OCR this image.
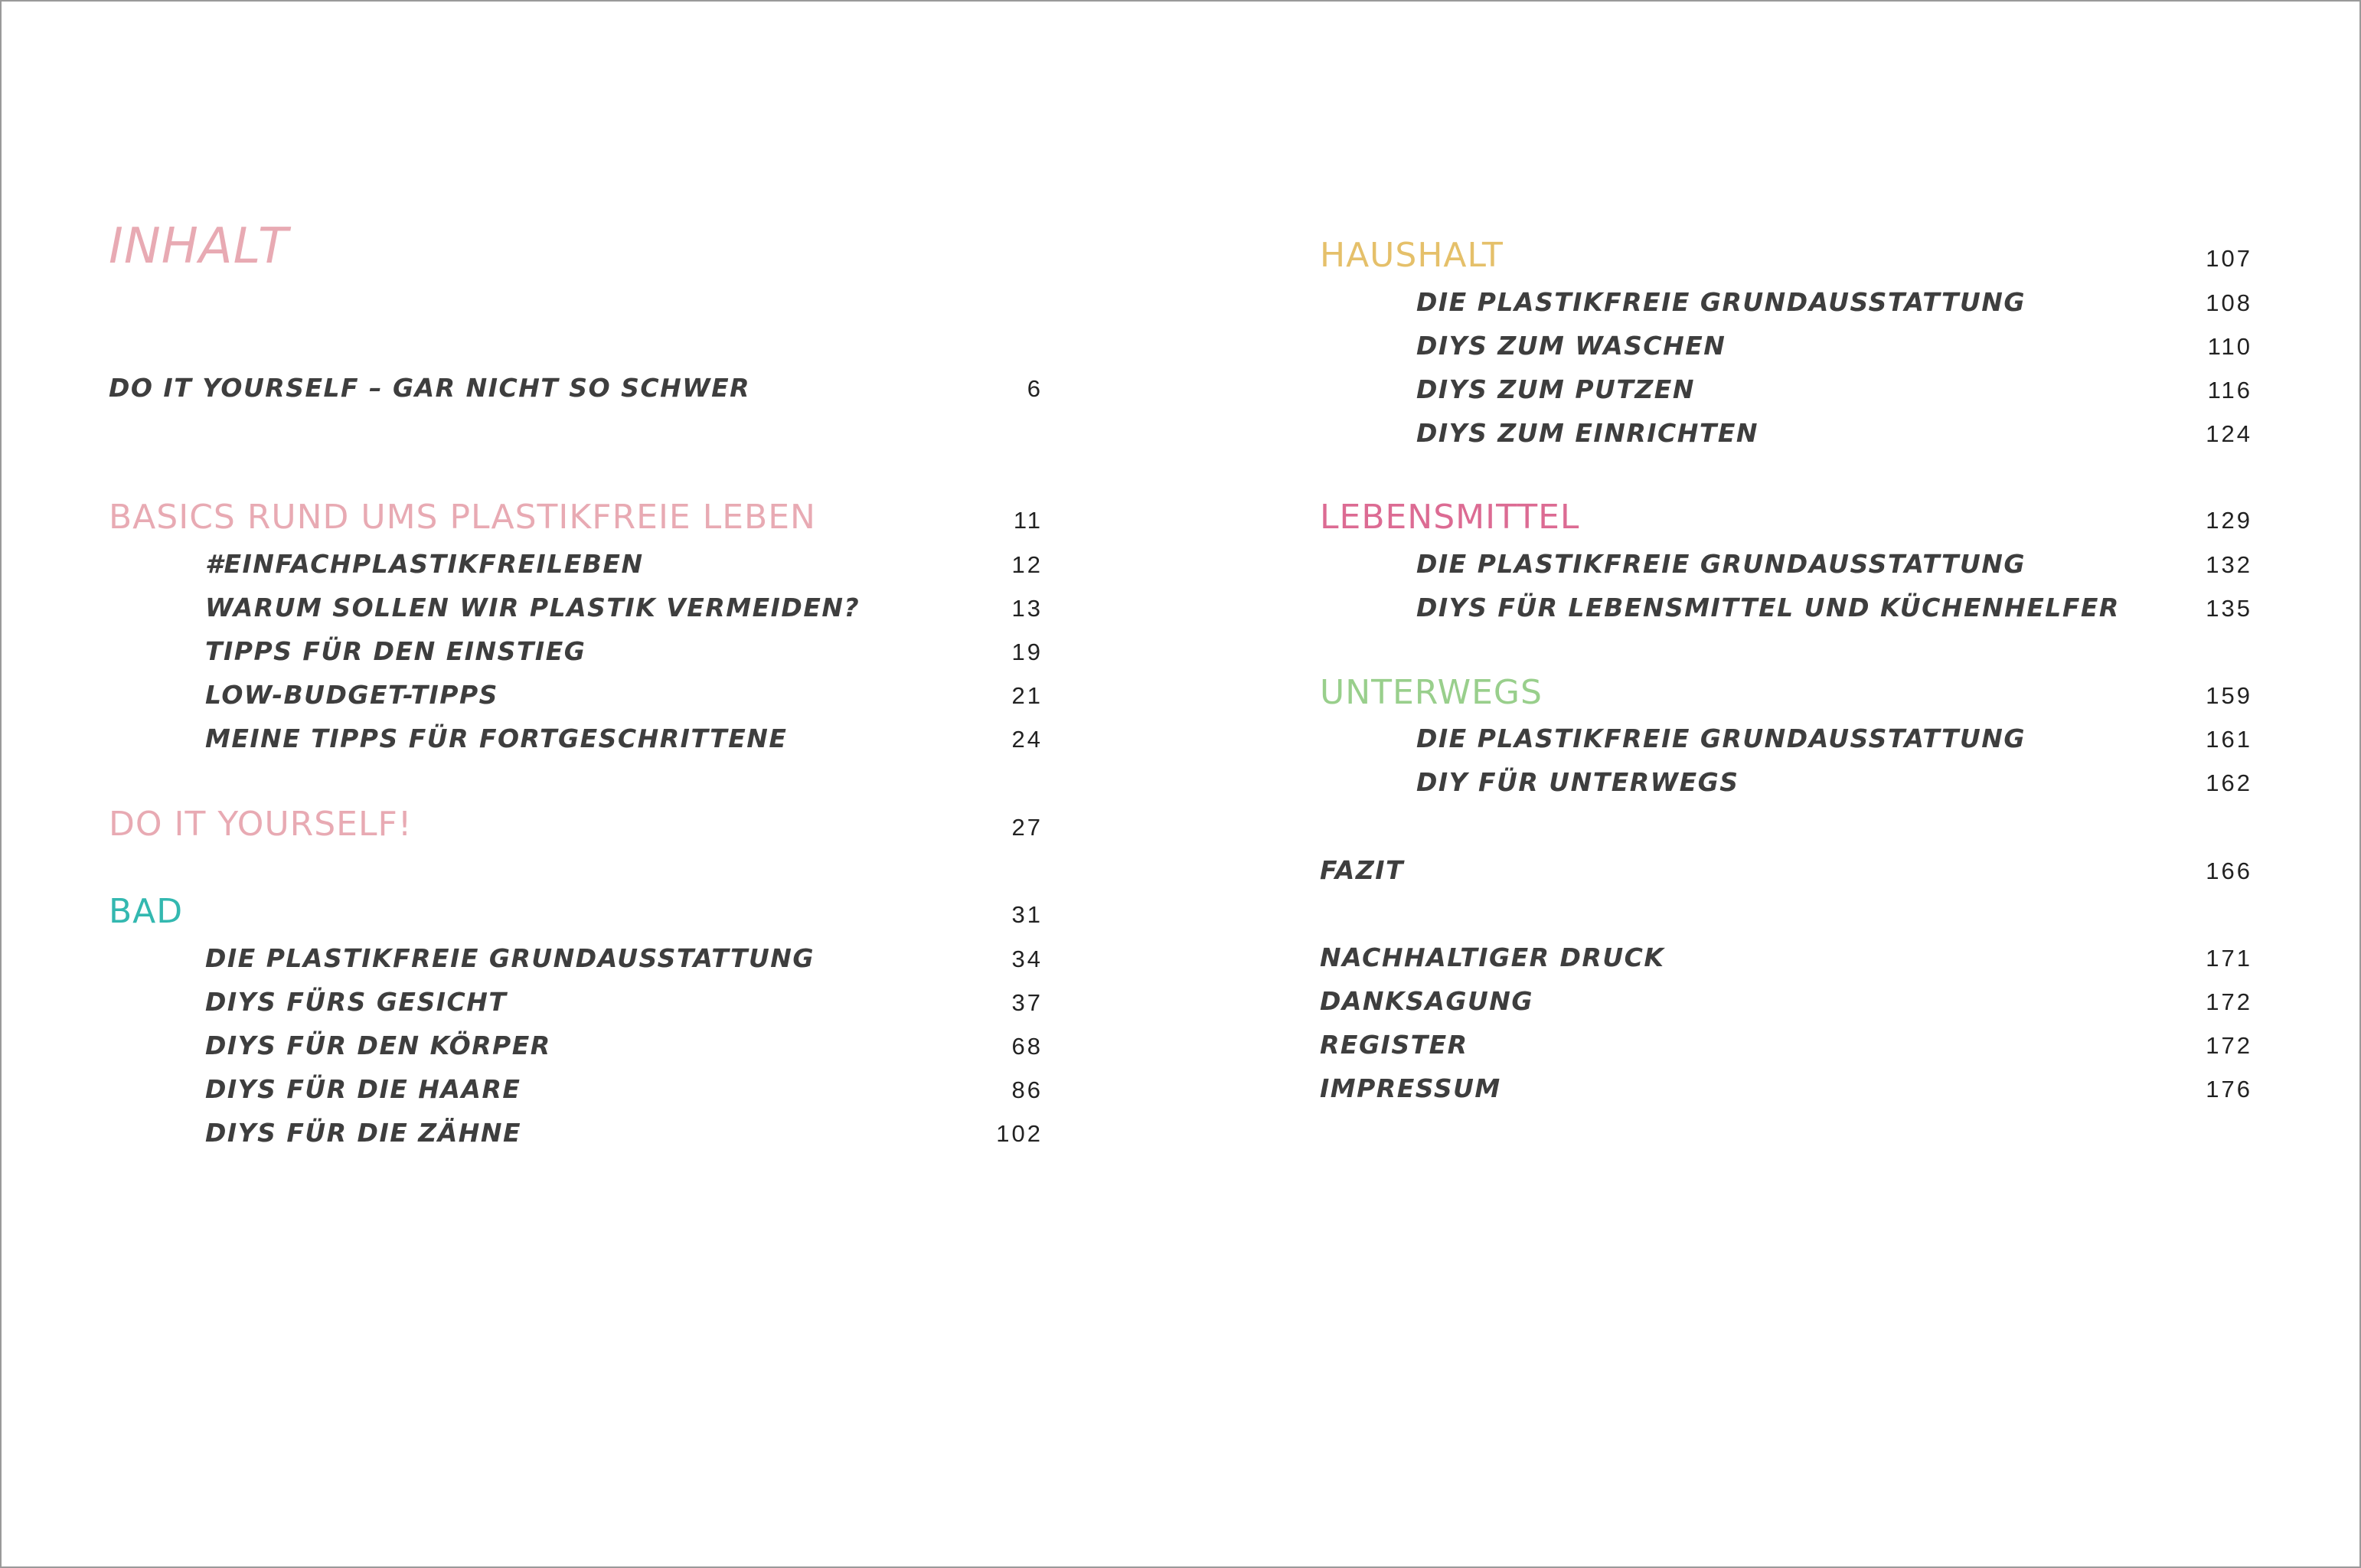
INHALT
DO IT YOURSELF – GAR NICHT SO SCHWER	6
BASICS RUND UMS PLASTIKFREIE LEBEN	11
#EINFACHPLASTIKFREILEBEN	12
WARUM SOLLEN WIR PLASTIK VERMEIDEN?	13
TIPPS FÜR DEN EINSTIEG	19
LOW-BUDGET-TIPPS	21
MEINE TIPPS FÜR FORTGESCHRITTENE	24
DO IT YOURSELF!	27
BAD	31
DIE PLASTIKFREIE GRUNDAUSSTATTUNG	34
DIYS FÜRS GESICHT	37
DIYS FÜR DEN KÖRPER	68
DIYS FÜR DIE HAARE	86
DIYS FÜR DIE ZÄHNE	102
HAUSHALT	107
DIE PLASTIKFREIE GRUNDAUSSTATTUNG	108
DIYS ZUM WASCHEN	110
DIYS ZUM PUTZEN	116
DIYS ZUM EINRICHTEN	124
LEBENSMITTEL	129
DIE PLASTIKFREIE GRUNDAUSSTATTUNG	132
DIYS FÜR LEBENSMITTEL UND KÜCHENHELFER	135
UNTERWEGS	159
DIE PLASTIKFREIE GRUNDAUSSTATTUNG	161
DIY FÜR UNTERWEGS	162
FAZIT	166
NACHHALTIGER DRUCK	171
DANKSAGUNG	172
REGISTER	172
IMPRESSUM	176
